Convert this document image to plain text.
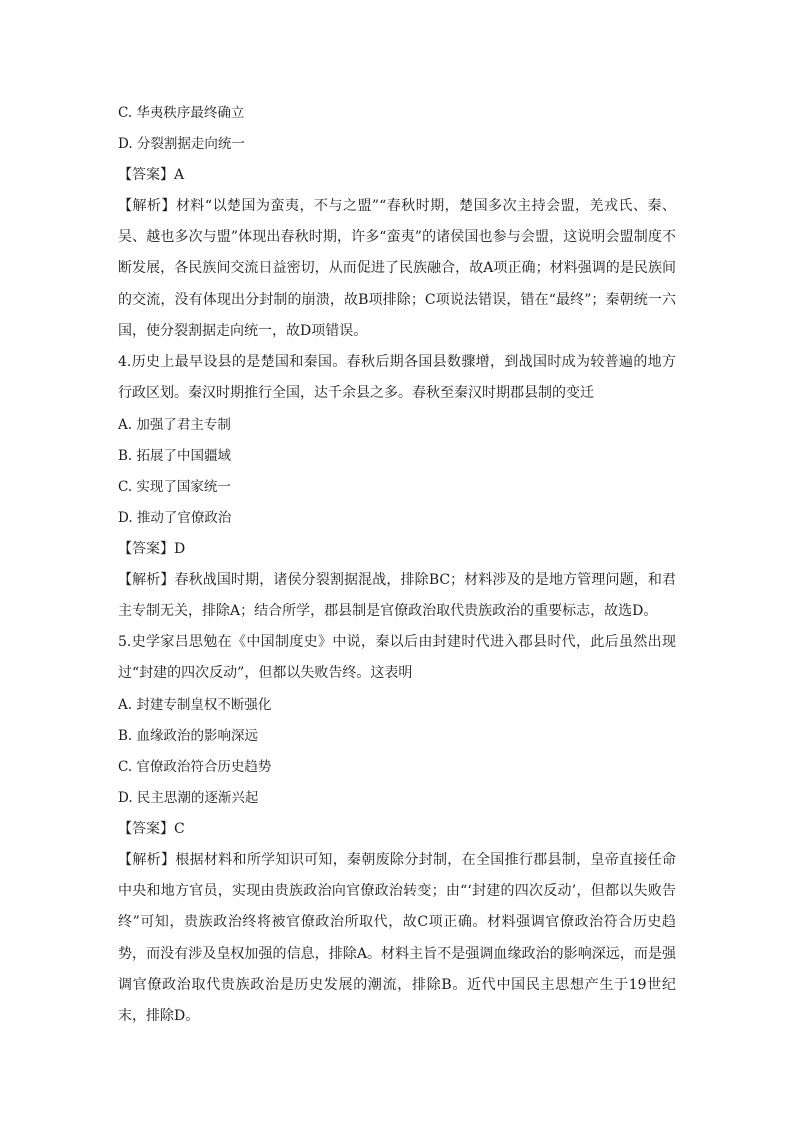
C. 华夷秩序最终确立
D. 分裂割据走向统一
【答案】A
【解析】材料“以楚国为蛮夷，不与之盟”“春秋时期，楚国多次主持会盟，羌戎氏、秦、吴、越也多次与盟”体现出春秋时期，许多“蛮夷”的诸侯国也参与会盟，这说明会盟制度不断发展，各民族间交流日益密切，从而促进了民族融合，故A项正确；材料强调的是民族间的交流，没有体现出分封制的崩溃，故B项排除；C项说法错误，错在“最终”；秦朝统一六国，使分裂割据走向统一，故D项错误。
4.历史上最早设县的是楚国和秦国。春秋后期各国县数骤增，到战国时成为较普遍的地方行政区划。秦汉时期推行全国，达千余县之多。春秋至秦汉时期郡县制的变迁
A. 加强了君主专制
B. 拓展了中国疆域
C. 实现了国家统一
D. 推动了官僚政治
【答案】D
【解析】春秋战国时期，诸侯分裂割据混战，排除BC；材料涉及的是地方管理问题，和君主专制无关，排除A；结合所学，郡县制是官僚政治取代贵族政治的重要标志，故选D。
5.史学家吕思勉在《中国制度史》中说，秦以后由封建时代进入郡县时代，此后虽然出现过“封建的四次反动”，但都以失败告终。这表明
A. 封建专制皇权不断强化
B. 血缘政治的影响深远
C. 官僚政治符合历史趋势
D. 民主思潮的逐渐兴起
【答案】C
【解析】根据材料和所学知识可知，秦朝废除分封制，在全国推行郡县制，皇帝直接任命中央和地方官员，实现由贵族政治向官僚政治转变；由“‘封建的四次反动’，但都以失败告终”可知，贵族政治终将被官僚政治所取代，故C项正确。材料强调官僚政治符合历史趋势，而没有涉及皇权加强的信息，排除A。材料主旨不是强调血缘政治的影响深远，而是强调官僚政治取代贵族政治是历史发展的潮流，排除B。近代中国民主思想产生于19世纪末，排除D。
